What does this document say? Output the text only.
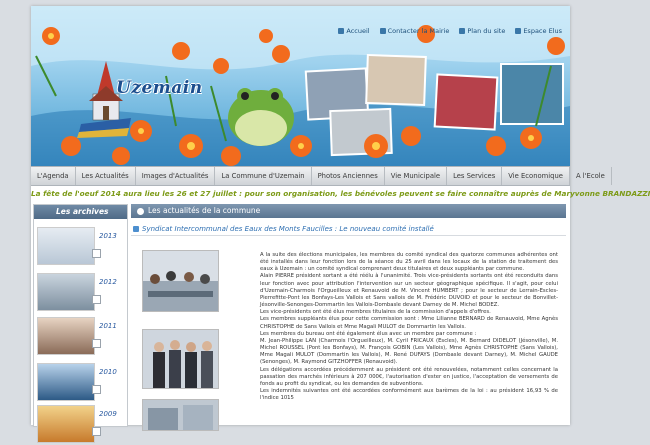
Accueil	Contacter la Mairie	Plan du site	Espace Elus
Uzemain
L'Agenda	Les Actualités	Images d'Actualités	La Commune d'Uzemain	Photos Anciennes	Vie Municipale	Les Services	Vie Economique	A l'Ecole
La fête de l'oeuf 2014 aura lieu les 26 et 27 juillet : pour son organisation, les bénévoles peuvent se faire connaître auprès de Maryvonne BRANDAZZI
Les archives
2013
2012
2011
2010
2009
Les actualités de la commune
Syndicat Intercommunal des Eaux des Monts Faucilles : Le nouveau comité installé

A la suite des élections municipales, les membres du comité syndical des quatorze communes adhérentes ont été installés dans leur fonction lors de la séance du 25 avril dans les locaux de la station de traitement des eaux à Uzemain : un comité syndical comprenant deux titulaires et deux suppléants par commune.

Alain PIERRE président sortant a été réélu à l'unanimité. Trois vice-présidents sortants ont été reconduits dans leur fonction avec pour attribution l'intervention sur un secteur géographique spécifique. Il s'agit, pour celui d'Uzemain-Charmois l'Orgueilleux et Renauvoid de M. Vincent HUMBERT ; pour le secteur de Lerrain-Escles-Pierrefitte-Pont les Bonfays-Les Vallois et Sans vallois de M. Frédéric DUVOID et pour le secteur de Bonvillet-Jésonville-Senonges-Dommartin les Vallois-Dombasle devant Darney de M. Michel BODEZ.

Les vice-présidents ont été élus membres titulaires de la commission d'appels d'offres.

Les membres suppléants élus pour cette commission sont : Mme Lilianne BERNARD de Renauvoid, Mme Agnès CHRISTOPHE de Sans Vallois et Mme Magali MULOT de Dommartin les Vallois.

Les membres du bureau ont été également élus avec un membre par commune :

M. Jean-Philippe LAN (Charmois l'Orgueilleux), M. Cyril FRICAUX (Escles), M. Bernard DIDELOT (Jésonville), M. Michel ROUSSEL (Pont les Bonfays), M. François GOBIN (Les Vallois), Mme Agnès CHRISTOPHE (Sans Vallois), Mme Magali MULOT (Dommartin les Vallois), M. René DUFAYS (Dombasle devant Darney), M. Michel GAUDE (Senonges), M. Raymond GITZHOFFER (Renauvoid).

Les délégations accordées précédemment au président ont été renouvelées, notamment celles concernant la passation des marchés inférieurs à 207 000€, l'autorisation d'ester en justice, l'acceptation de versements de fonds au profit du syndicat, ou les demandes de subventions.

Les indemnités suivantes ont été accordées conformément aux barèmes de la loi : au président 16,93 % de l'indice 1015
